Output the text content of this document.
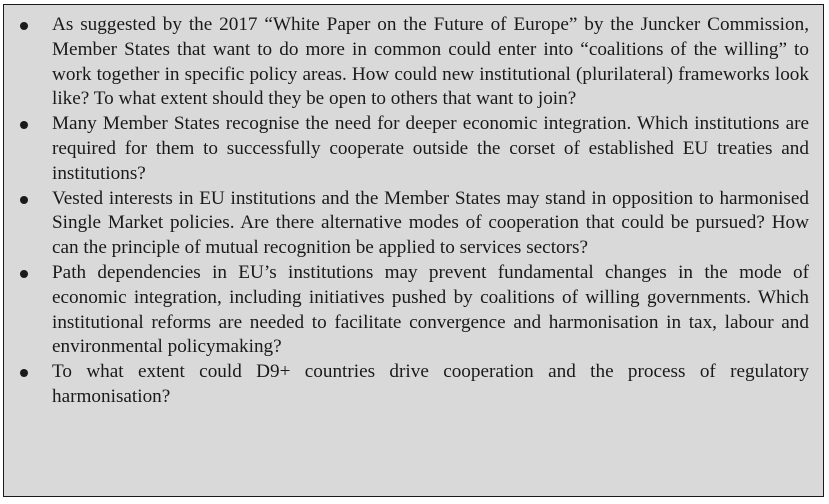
As suggested by the 2017 “White Paper on the Future of Europe” by the Juncker Commission, Member States that want to do more in common could enter into “coalitions of the willing” to work together in specific policy areas. How could new institutional (plurilateral) frameworks look like? To what extent should they be open to others that want to join?
Many Member States recognise the need for deeper economic integration. Which institutions are required for them to successfully cooperate outside the corset of established EU treaties and institutions?
Vested interests in EU institutions and the Member States may stand in opposition to harmonised Single Market policies. Are there alternative modes of cooperation that could be pursued? How can the principle of mutual recognition be applied to services sectors?
Path dependencies in EU’s institutions may prevent fundamental changes in the mode of economic integration, including initiatives pushed by coalitions of willing governments. Which institutional reforms are needed to facilitate convergence and harmonisation in tax, labour and environmental policymaking?
To what extent could D9+ countries drive cooperation and the process of regulatory harmonisation?
